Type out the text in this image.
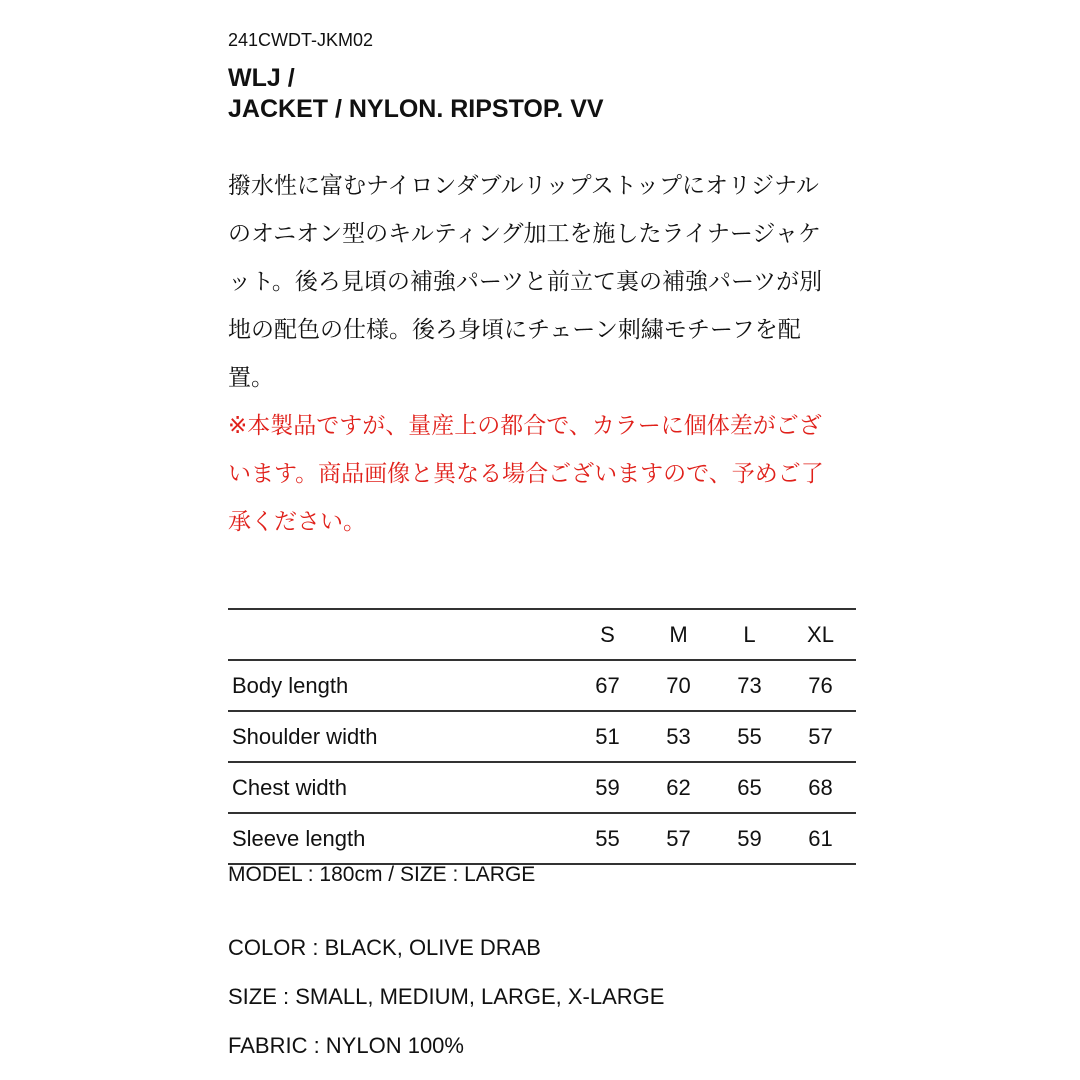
241CWDT-JKM02
WLJ /
JACKET / NYLON. RIPSTOP. VV
撥水性に富むナイロンダブルリップストップにオリジナル
のオニオン型のキルティング加工を施したライナージャケ
ット。後ろ見頃の補強パーツと前立て裏の補強パーツが別
地の配色の仕様。後ろ身頃にチェーン刺繍モチーフを配
置。
※本製品ですが、量産上の都合で、カラーに個体差がござ
います。商品画像と異なる場合ございますので、予めご了
承ください。
	S	M	L	XL
Body length	67	70	73	76
Shoulder width	51	53	55	57
Chest width	59	62	65	68
Sleeve length	55	57	59	61
MODEL : 180cm / SIZE : LARGE
COLOR : BLACK, OLIVE DRAB
SIZE : SMALL, MEDIUM, LARGE, X-LARGE
FABRIC : NYLON 100%
